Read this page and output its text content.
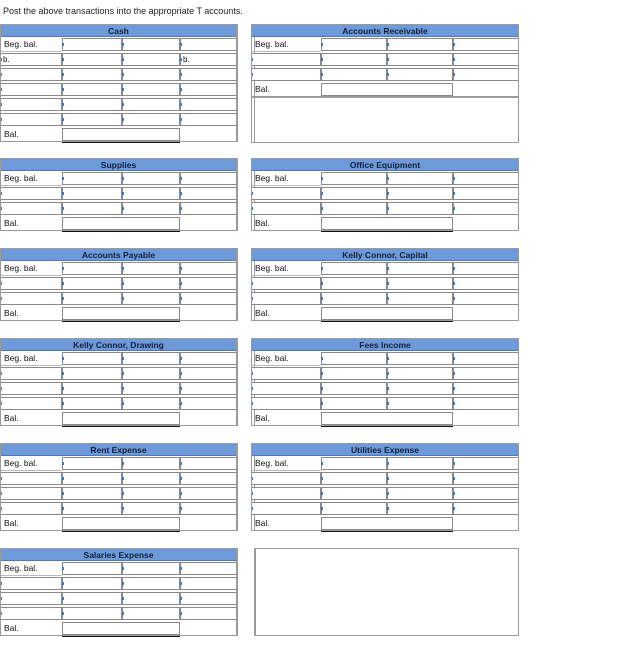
Post the above transactions into the appropriate T accounts.
Cash
Beg. bal.
b.	b.
Bal.
Accounts Receivable
Beg. bal.
Bal.
Supplies
Beg. bal.
Bal.
Office Equipment
Beg. bal.
Bal.
Accounts Payable
Beg. bal.
Bal.
Kelly Connor, Capital
Beg. bal.
Bal.
Kelly Connor, Drawing
Beg. bal.
Bal.
Fees Income
Beg. bal.
Bal.
Rent Expense
Beg. bal.
Bal.
Utilities Expense
Beg. bal.
Bal.
Salaries Expense
Beg. bal.
Bal.
